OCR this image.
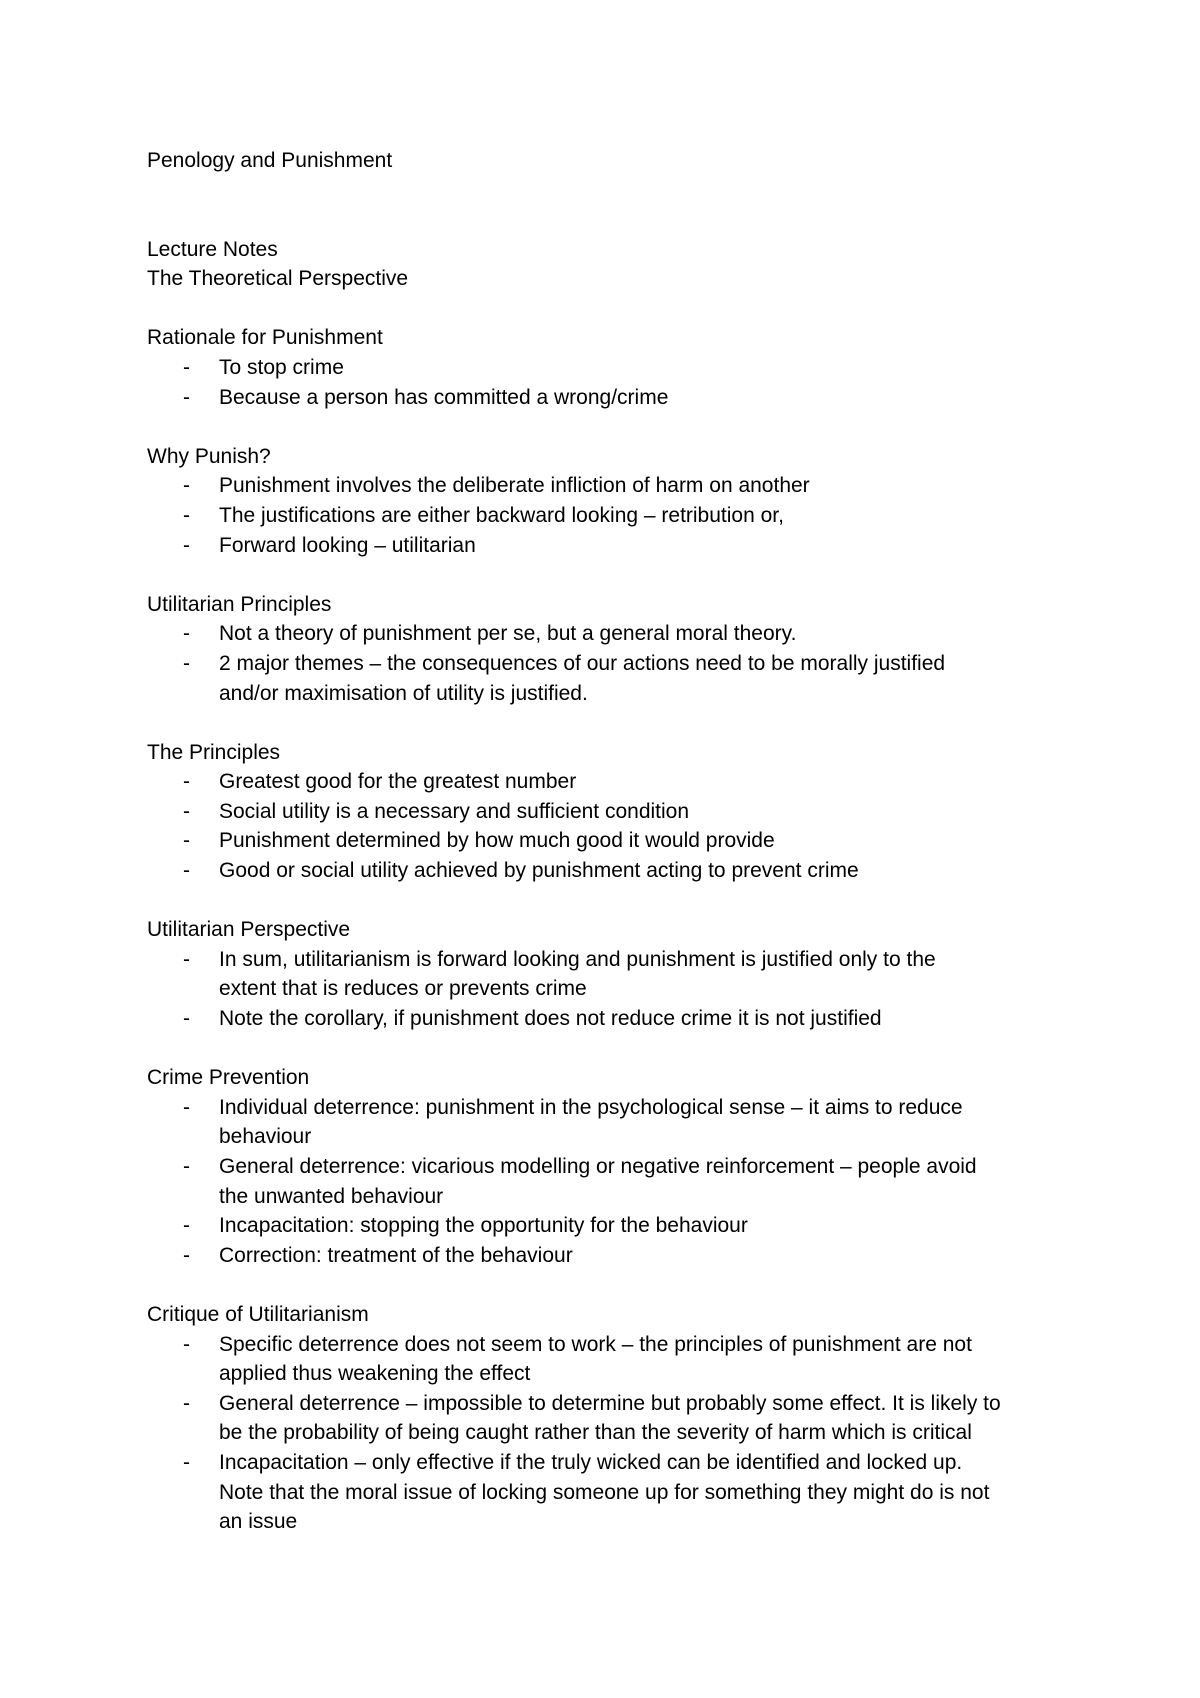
Penology and Punishment
Lecture Notes
The Theoretical Perspective
Rationale for Punishment
- To stop crime
- Because a person has committed a wrong/crime
Why Punish?
- Punishment involves the deliberate infliction of harm on another
- The justifications are either backward looking – retribution or,
- Forward looking – utilitarian
Utilitarian Principles
- Not a theory of punishment per se, but a general moral theory.
- 2 major themes – the consequences of our actions need to be morally justified
and/or maximisation of utility is justified.
The Principles
- Greatest good for the greatest number
- Social utility is a necessary and sufficient condition
- Punishment determined by how much good it would provide
- Good or social utility achieved by punishment acting to prevent crime
Utilitarian Perspective
- In sum, utilitarianism is forward looking and punishment is justified only to the
extent that is reduces or prevents crime
- Note the corollary, if punishment does not reduce crime it is not justified
Crime Prevention
- Individual deterrence: punishment in the psychological sense – it aims to reduce
behaviour
- General deterrence: vicarious modelling or negative reinforcement – people avoid
the unwanted behaviour
- Incapacitation: stopping the opportunity for the behaviour
- Correction: treatment of the behaviour
Critique of Utilitarianism
- Specific deterrence does not seem to work – the principles of punishment are not
applied thus weakening the effect
- General deterrence – impossible to determine but probably some effect. It is likely to
be the probability of being caught rather than the severity of harm which is critical
- Incapacitation – only effective if the truly wicked can be identified and locked up.
Note that the moral issue of locking someone up for something they might do is not
an issue
